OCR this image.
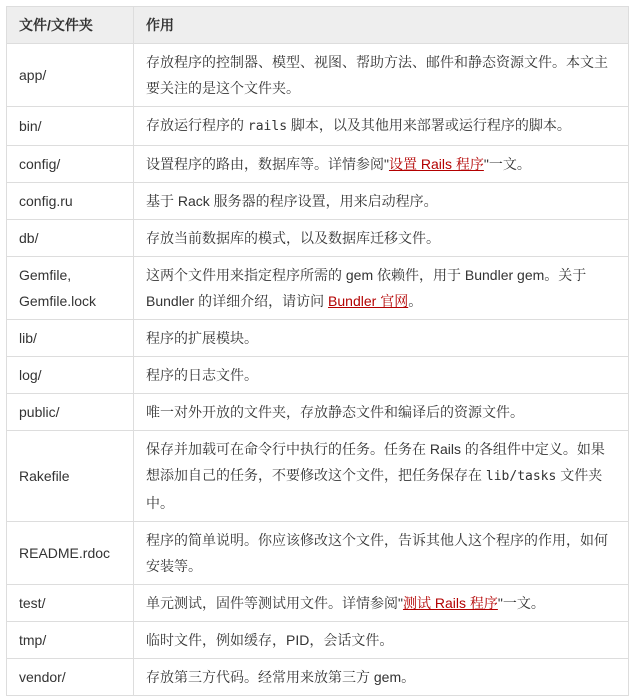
文件/文件夹	作用
app/	存放程序的控制器、模型、视图、帮助方法、邮件和静态资源文件。本文主要关注的是这个文件夹。
bin/	存放运行程序的 rails 脚本，以及其他用来部署或运行程序的脚本。
config/	设置程序的路由，数据库等。详情参阅"设置 Rails 程序"一文。
config.ru	基于 Rack 服务器的程序设置，用来启动程序。
db/	存放当前数据库的模式，以及数据库迁移文件。
Gemfile, Gemfile.lock	这两个文件用来指定程序所需的 gem 依赖件，用于 Bundler gem。关于 Bundler 的详细介绍，请访问 Bundler 官网。
lib/	程序的扩展模块。
log/	程序的日志文件。
public/	唯一对外开放的文件夹，存放静态文件和编译后的资源文件。
Rakefile	保存并加载可在命令行中执行的任务。任务在 Rails 的各组件中定义。如果想添加自己的任务，不要修改这个文件，把任务保存在 lib/tasks 文件夹中。
README.rdoc	程序的简单说明。你应该修改这个文件，告诉其他人这个程序的作用，如何安装等。
test/	单元测试，固件等测试用文件。详情参阅"测试 Rails 程序"一文。
tmp/	临时文件，例如缓存，PID，会话文件。
vendor/	存放第三方代码。经常用来放第三方 gem。
